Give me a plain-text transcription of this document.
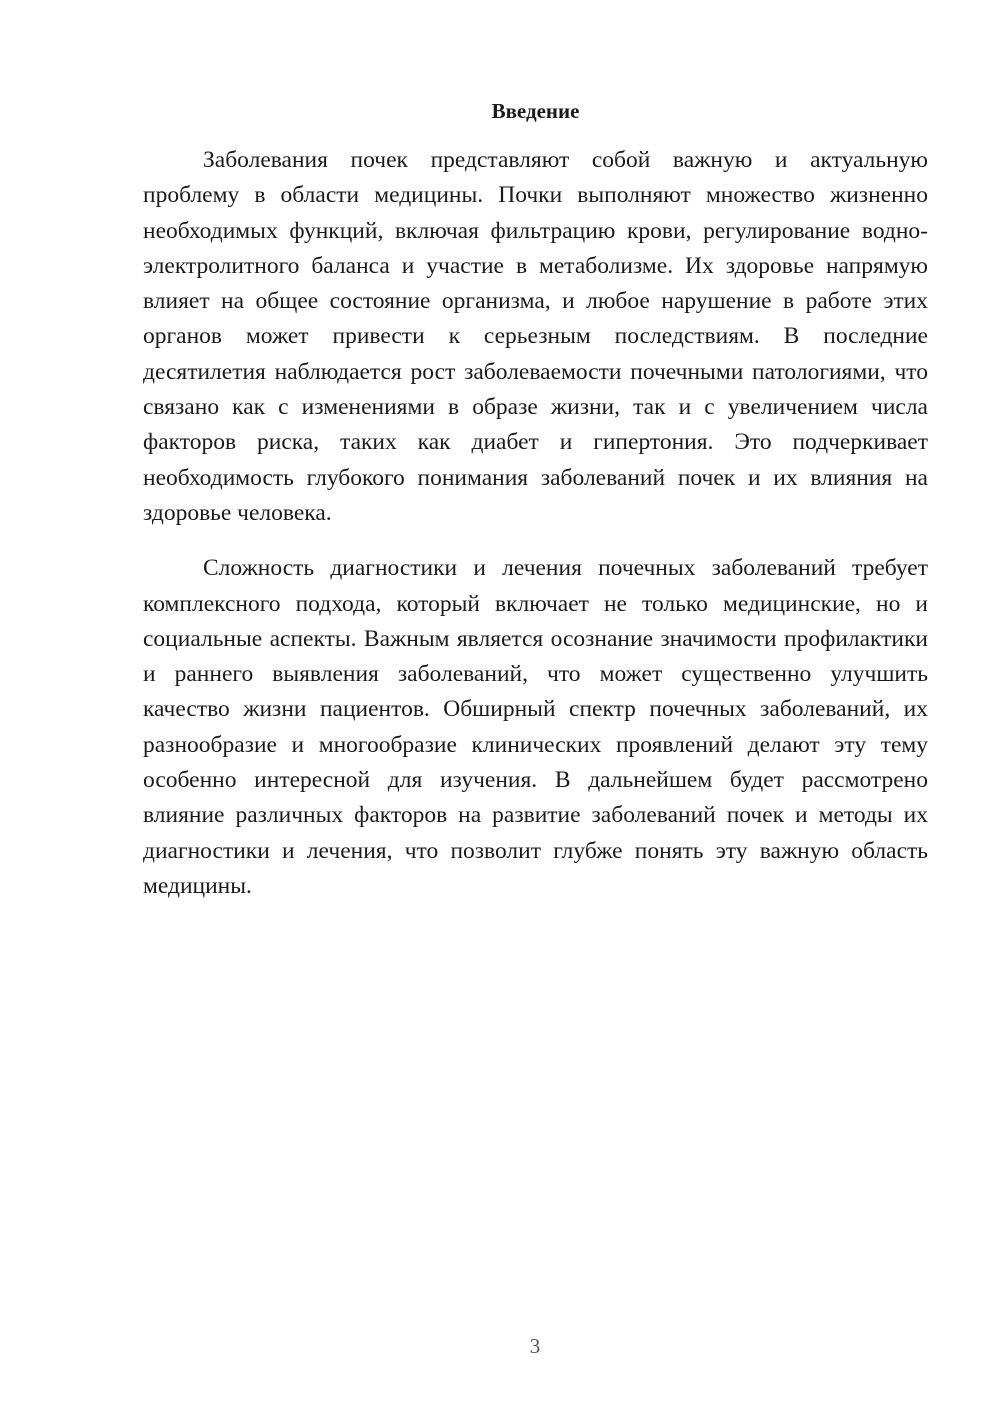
Введение

Заболевания почек представляют собой важную и актуальную проблему в области медицины. Почки выполняют множество жизненно необходимых функций, включая фильтрацию крови, регулирование водно-электролитного баланса и участие в метаболизме. Их здоровье напрямую влияет на общее состояние организма, и любое нарушение в работе этих органов может привести к серьезным последствиям. В последние десятилетия наблюдается рост заболеваемости почечными патологиями, что связано как с изменениями в образе жизни, так и с увеличением числа факторов риска, таких как диабет и гипертония. Это подчеркивает необходимость глубокого понимания заболеваний почек и их влияния на здоровье человека.

Сложность диагностики и лечения почечных заболеваний требует комплексного подхода, который включает не только медицинские, но и социальные аспекты. Важным является осознание значимости профилактики и раннего выявления заболеваний, что может существенно улучшить качество жизни пациентов. Обширный спектр почечных заболеваний, их разнообразие и многообразие клинических проявлений делают эту тему особенно интересной для изучения. В дальнейшем будет рассмотрено влияние различных факторов на развитие заболеваний почек и методы их диагностики и лечения, что позволит глубже понять эту важную область медицины.

3
